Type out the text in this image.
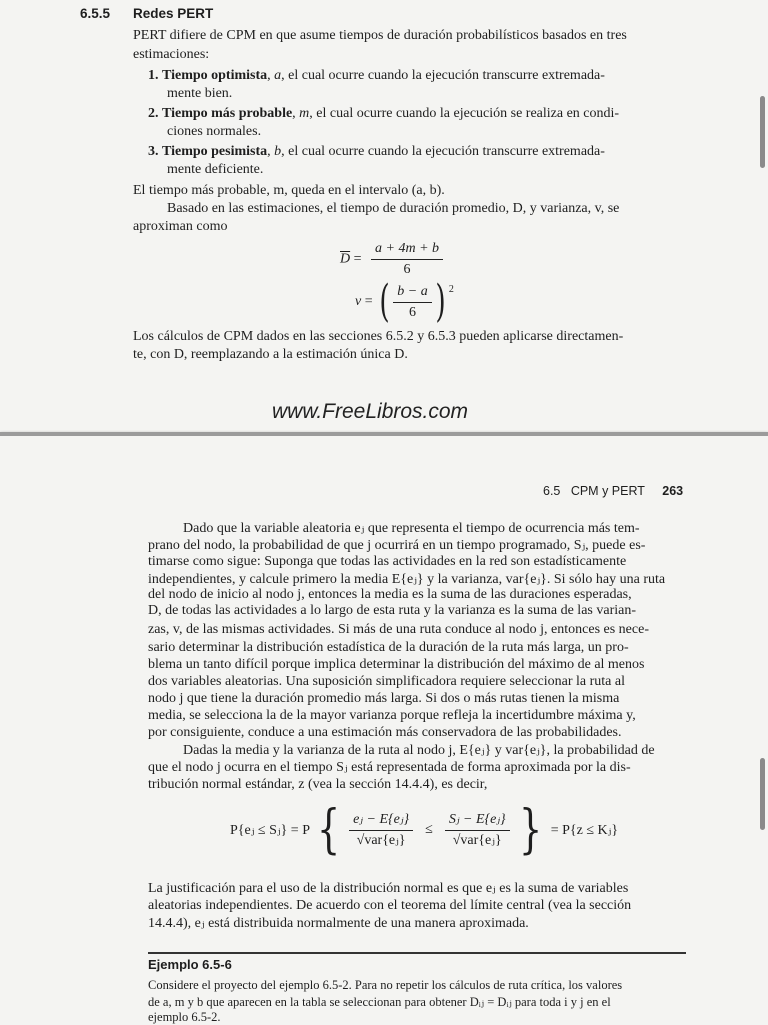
6.5.5 Redes PERT
PERT difiere de CPM en que asume tiempos de duración probabilísticos basados en tres estimaciones:
1. Tiempo optimista, a, el cual ocurre cuando la ejecución transcurre extremada-
mente bien.
2. Tiempo más probable, m, el cual ocurre cuando la ejecución se realiza en condi-
ciones normales.
3. Tiempo pesimista, b, el cual ocurre cuando la ejecución transcurre extremada-
mente deficiente.
El tiempo más probable, m, queda en el intervalo (a, b).
Basado en las estimaciones, el tiempo de duración promedio, D, y varianza, v, se
aproximan como
$\overline{D} = \frac{a + 4m + b}{6}$
v = ( $\frac{b - a}{6}$ ) $^2$
Los cálculos de CPM dados en las secciones 6.5.2 y 6.5.3 pueden aplicarse directamen-
te, con D, reemplazando a la estimación única D.
www.FreeLibros.com
6.5 CPM y PERT 263
Dado que la variable aleatoria eⱼ que representa el tiempo de ocurrencia más tem-
prano del nodo, la probabilidad de que j ocurrirá en un tiempo programado, Sⱼ, puede es-
timarse como sigue: Suponga que todas las actividades en la red son estadísticamente
independientes, y calcule primero la media E{eⱼ} y la varianza, var{eⱼ}. Si sólo hay una ruta
del nodo de inicio al nodo j, entonces la media es la suma de las duraciones esperadas,
D, de todas las actividades a lo largo de esta ruta y la varianza es la suma de las varian-
zas, v, de las mismas actividades. Si más de una ruta conduce al nodo j, entonces es nece-
sario determinar la distribución estadística de la duración de la ruta más larga, un pro-
blema un tanto difícil porque implica determinar la distribución del máximo de al menos
dos variables aleatorias. Una suposición simplificadora requiere seleccionar la ruta al
nodo j que tiene la duración promedio más larga. Si dos o más rutas tienen la misma
media, se selecciona la de la mayor varianza porque refleja la incertidumbre máxima y,
por consiguiente, conduce a una estimación más conservadora de las probabilidades.
Dadas la media y la varianza de la ruta al nodo j, E{eⱼ} y var{eⱼ}, la probabilidad de
que el nodo j ocurra en el tiempo Sⱼ está representada de forma aproximada por la dis-
tribución normal estándar, z (vea la sección 14.4.4), es decir,
P{eⱼ ≤ Sⱼ} = P { $\frac{\text{eⱼ − E\{eⱼ\}}}{\text{√var\{eⱼ\}}} \le \frac{\text{Sⱼ − E\{eⱼ\}}}{\text{√var\{eⱼ\}}}$ } = P{z ≤ Kⱼ}
La justificación para el uso de la distribución normal es que eⱼ es la suma de variables
aleatorias independientes. De acuerdo con el teorema del límite central (vea la sección
14.4.4), eⱼ está distribuida normalmente de una manera aproximada.
Ejemplo 6.5-6
Considere el proyecto del ejemplo 6.5-2. Para no repetir los cálculos de ruta crítica, los valores
de a, m y b que aparecen en la tabla se seleccionan para obtener Dᵢⱼ = Dᵢⱼ para toda i y j en el
ejemplo 6.5-2.
